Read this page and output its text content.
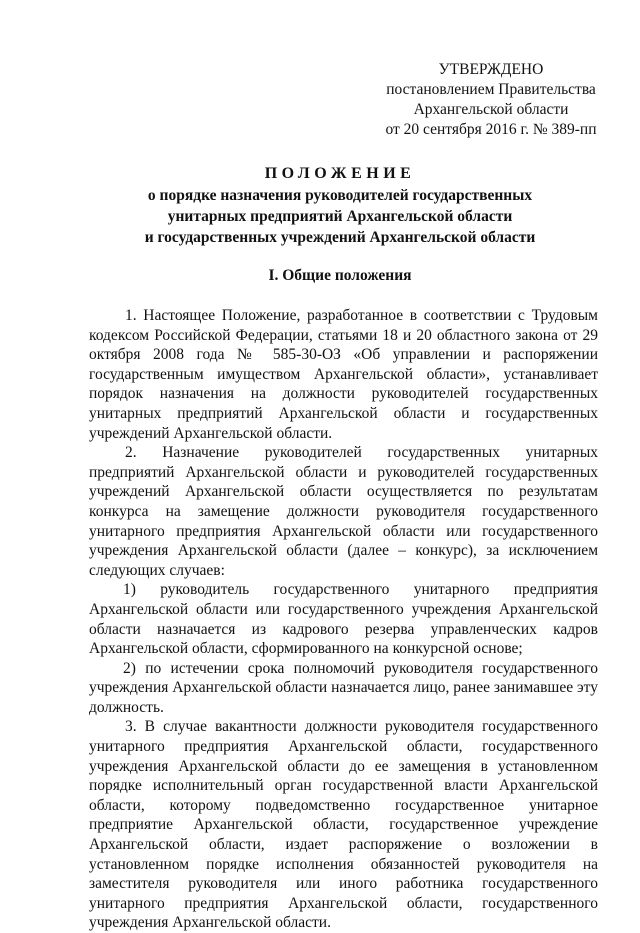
УТВЕРЖДЕНО
постановлением Правительства
Архангельской области
от 20 сентября 2016 г. № 389-пп
ПОЛОЖЕНИЕ
о порядке назначения руководителей государственных
унитарных предприятий Архангельской области
и государственных учреждений Архангельской области
I. Общие положения

1. Настоящее Положение, разработанное в соответствии с Трудовым кодексом Российской Федерации, статьями 18 и 20 областного закона от 29 октября 2008 года № 585-30-ОЗ «Об управлении и распоряжении государственным имуществом Архангельской области», устанавливает порядок назначения на должности руководителей государственных унитарных предприятий Архангельской области и государственных учреждений Архангельской области.

2. Назначение руководителей государственных унитарных предприятий Архангельской области и руководителей государственных учреждений Архангельской области осуществляется по результатам конкурса на замещение должности руководителя государственного унитарного предприятия Архангельской области или государственного учреждения Архангельской области (далее – конкурс), за исключением следующих случаев:

1) руководитель государственного унитарного предприятия Архангельской области или государственного учреждения Архангельской области назначается из кадрового резерва управленческих кадров Архангельской области, сформированного на конкурсной основе;

2) по истечении срока полномочий руководителя государственного учреждения Архангельской области назначается лицо, ранее занимавшее эту должность.

3. В случае вакантности должности руководителя государственного унитарного предприятия Архангельской области, государственного учреждения Архангельской области до ее замещения в установленном порядке исполнительный орган государственной власти Архангельской области, которому подведомственно государственное унитарное предприятие Архангельской области, государственное учреждение Архангельской области, издает распоряжение о возложении в установленном порядке исполнения обязанностей руководителя на заместителя руководителя или иного работника государственного унитарного предприятия Архангельской области, государственного учреждения Архангельской области.
